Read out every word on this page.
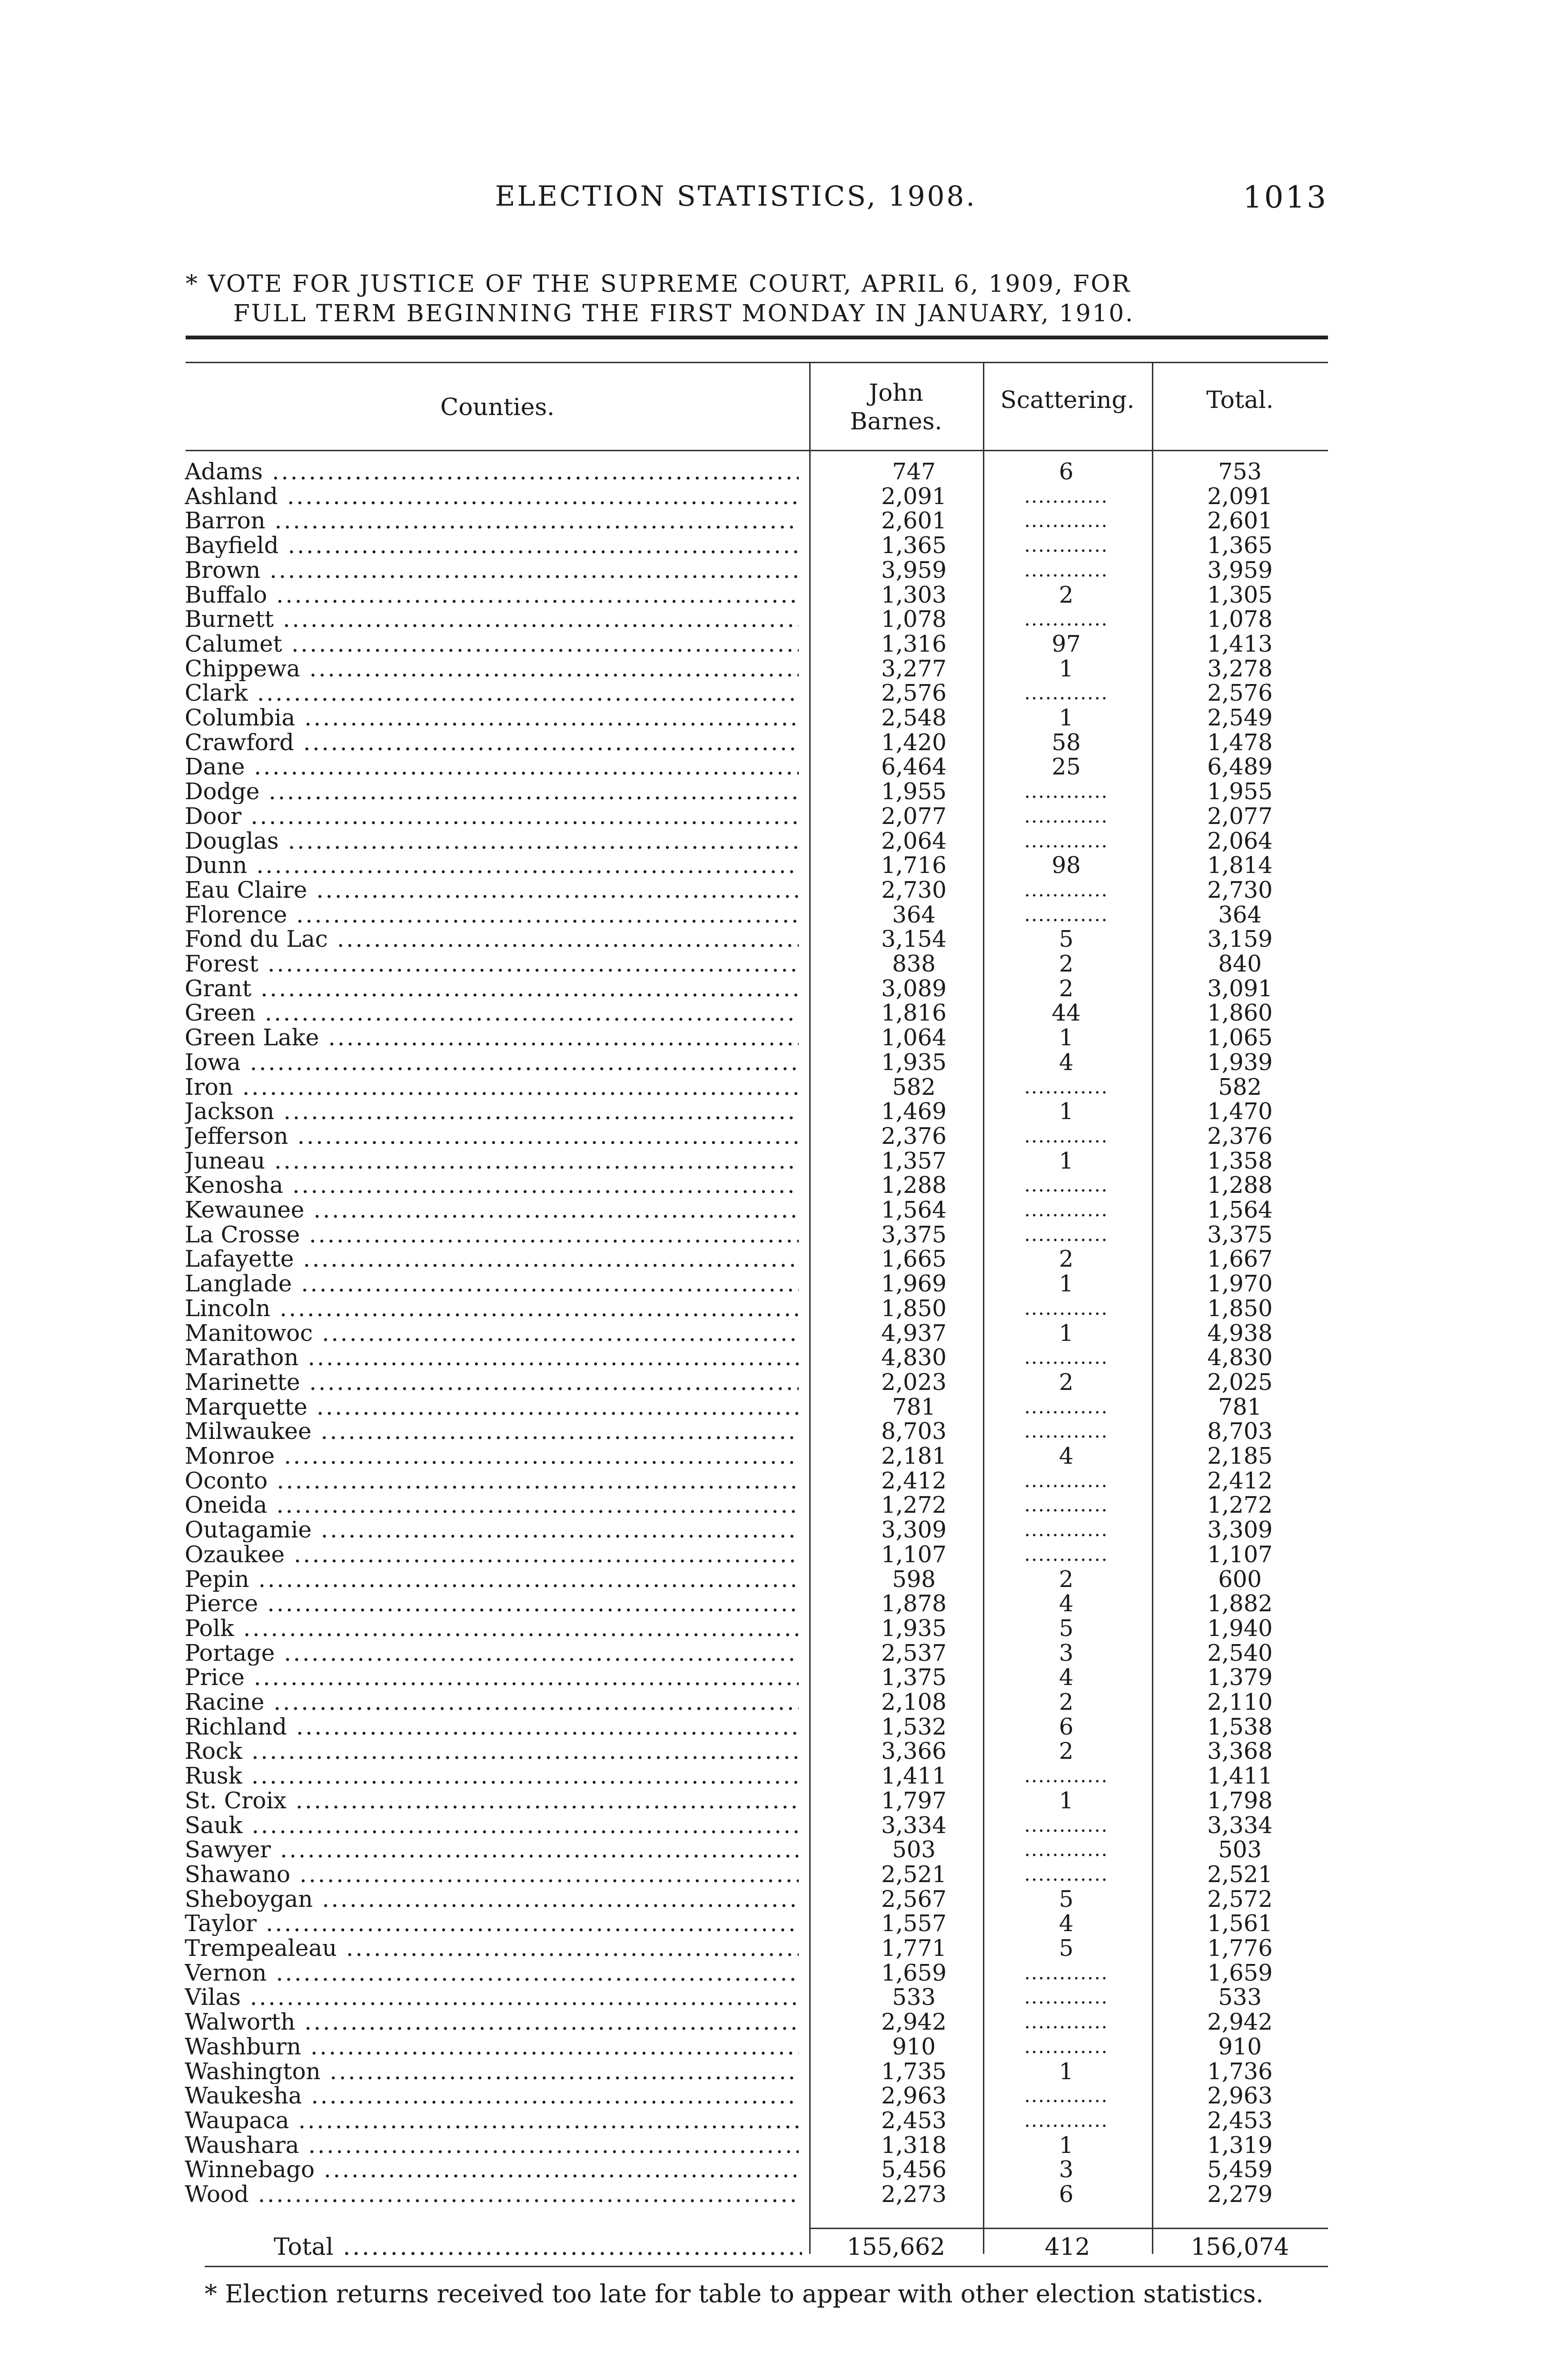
ELECTION STATISTICS, 1908.	1013
* VOTE FOR JUSTICE OF THE SUPREME COURT, APRIL 6, 1909, FOR
FULL TERM BEGINNING THE FIRST MONDAY IN JANUARY, 1910.
Counties.
John
Barnes.
Scattering.	Total.
Adams .....	747	6	753
Ashland .....	2,091	............	2,091
Barron .....	2,601	............	2,601
Bayfield .....	1,365	............	1,365
Brown .....	3,959	............	3,959
Buffalo .....	1,303	2	1,305
Burnett .....	1,078	............	1,078
Calumet .....	1,316	97	1,413
Chippewa .....	3,277	1	3,278
Clark .....	2,576	............	2,576
Columbia .....	2,548	1	2,549
Crawford .....	1,420	58	1,478
Dane .....	6,464	25	6,489
Dodge .....	1,955	............	1,955
Door .....	2,077	............	2,077
Douglas .....	2,064	............	2,064
Dunn .....	1,716	98	1,814
Eau Claire .....	2,730	............	2,730
Florence .....	364	............	364
Fond du Lac .....	3,154	5	3,159
Forest .....	838	2	840
Grant .....	3,089	2	3,091
Green .....	1,816	44	1,860
Green Lake .....	1,064	1	1,065
Iowa .....	1,935	4	1,939
Iron .....	582	............	582
Jackson .....	1,469	1	1,470
Jefferson .....	2,376	............	2,376
Juneau .....	1,357	1	1,358
Kenosha .....	1,288	............	1,288
Kewaunee .....	1,564	............	1,564
La Crosse .....	3,375	............	3,375
Lafayette .....	1,665	2	1,667
Langlade .....	1,969	1	1,970
Lincoln .....	1,850	............	1,850
Manitowoc .....	4,937	1	4,938
Marathon .....	4,830	............	4,830
Marinette .....	2,023	2	2,025
Marquette .....	781	............	781
Milwaukee .....	8,703	............	8,703
Monroe .....	2,181	4	2,185
Oconto .....	2,412	............	2,412
Oneida .....	1,272	............	1,272
Outagamie .....	3,309	............	3,309
Ozaukee .....	1,107	............	1,107
Pepin .....	598	2	600
Pierce .....	1,878	4	1,882
Polk .....	1,935	5	1,940
Portage .....	2,537	3	2,540
Price .....	1,375	4	1,379
Racine .....	2,108	2	2,110
Richland .....	1,532	6	1,538
Rock .....	3,366	2	3,368
Rusk .....	1,411	............	1,411
St. Croix .....	1,797	1	1,798
Sauk .....	3,334	............	3,334
Sawyer .....	503	............	503
Shawano .....	2,521	............	2,521
Sheboygan .....	2,567	5	2,572
Taylor .....	1,557	4	1,561
Trempealeau .....	1,771	5	1,776
Vernon .....	1,659	............	1,659
Vilas .....	533	............	533
Walworth .....	2,942	............	2,942
Washburn .....	910	............	910
Washington .....	1,735	1	1,736
Waukesha .....	2,963	............	2,963
Waupaca .....	2,453	............	2,453
Waushara .....	1,318	1	1,319
Winnebago .....	5,456	3	5,459
Wood .....	2,273	6	2,279
Total .....	155,662	412	156,074
* Election returns received too late for table to appear with other election statistics.
